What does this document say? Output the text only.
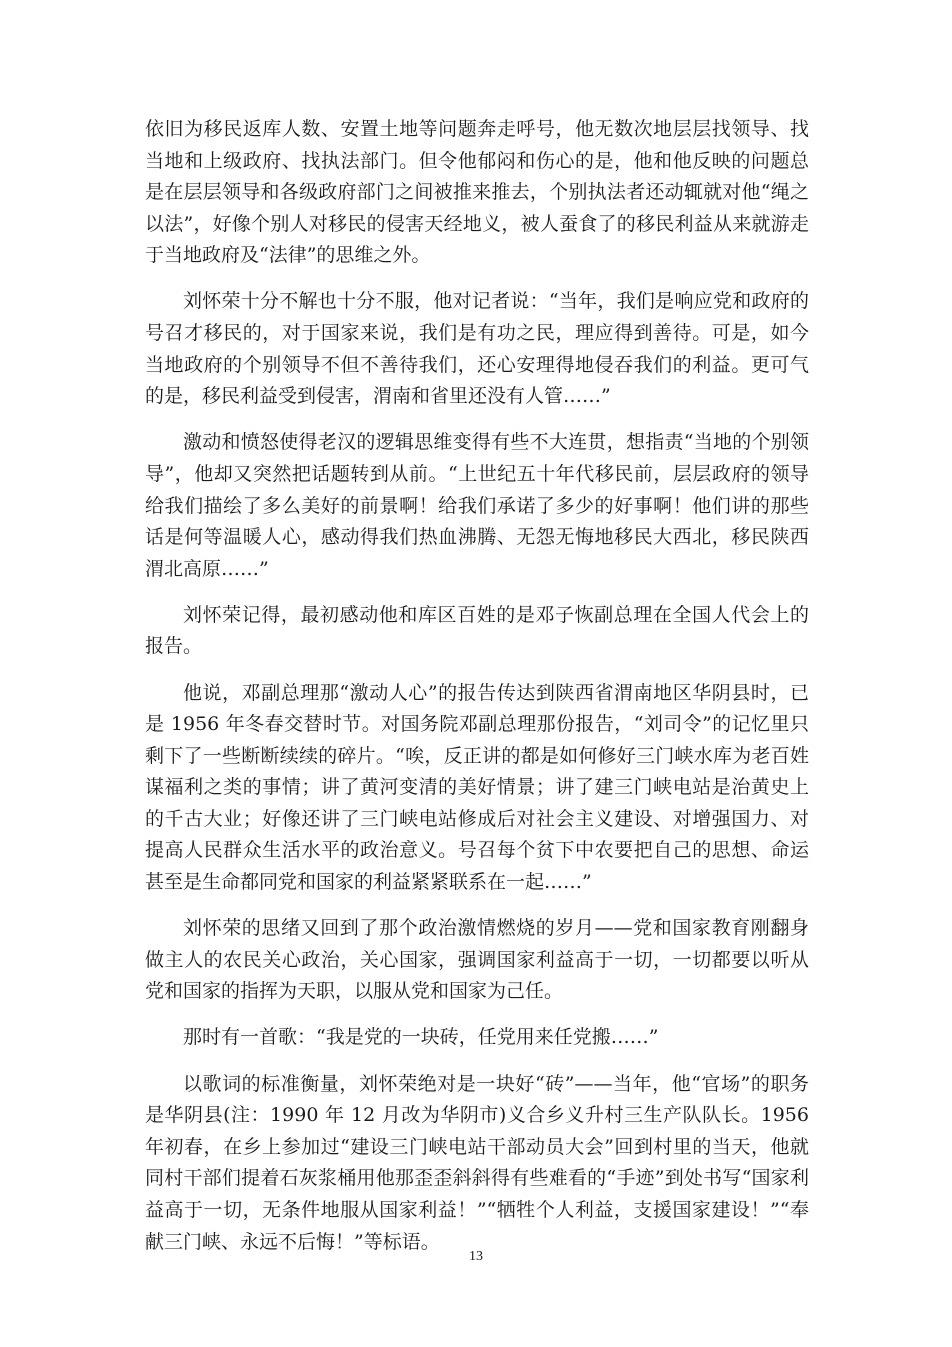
依旧为移民返库人数、安置土地等问题奔走呼号，他无数次地层层找领导、找当地和上级政府、找执法部门。但令他郁闷和伤心的是，他和他反映的问题总是在层层领导和各级政府部门之间被推来推去，个别执法者还动辄就对他“绳之以法”，好像个别人对移民的侵害天经地义，被人蚕食了的移民利益从来就游走于当地政府及“法律”的思维之外。

刘怀荣十分不解也十分不服，他对记者说：“当年，我们是响应党和政府的号召才移民的，对于国家来说，我们是有功之民，理应得到善待。可是，如今当地政府的个别领导不但不善待我们，还心安理得地侵吞我们的利益。更可气的是，移民利益受到侵害，渭南和省里还没有人管……”

激动和愤怒使得老汉的逻辑思维变得有些不大连贯，想指责“当地的个别领导”，他却又突然把话题转到从前。“上世纪五十年代移民前，层层政府的领导给我们描绘了多么美好的前景啊！给我们承诺了多少的好事啊！他们讲的那些话是何等温暖人心，感动得我们热血沸腾、无怨无悔地移民大西北，移民陕西渭北高原……”

刘怀荣记得，最初感动他和库区百姓的是邓子恢副总理在全国人代会上的报告。

他说，邓副总理那“激动人心”的报告传达到陕西省渭南地区华阴县时，已是 1956 年冬春交替时节。对国务院邓副总理那份报告，“刘司令”的记忆里只剩下了一些断断续续的碎片。“唉，反正讲的都是如何修好三门峡水库为老百姓谋福利之类的事情；讲了黄河变清的美好情景；讲了建三门峡电站是治黄史上的千古大业；好像还讲了三门峡电站修成后对社会主义建设、对增强国力、对提高人民群众生活水平的政治意义。号召每个贫下中农要把自己的思想、命运甚至是生命都同党和国家的利益紧紧联系在一起……”

刘怀荣的思绪又回到了那个政治激情燃烧的岁月——党和国家教育刚翻身做主人的农民关心政治，关心国家，强调国家利益高于一切，一切都要以听从党和国家的指挥为天职，以服从党和国家为己任。

那时有一首歌：“我是党的一块砖，任党用来任党搬……”

以歌词的标准衡量，刘怀荣绝对是一块好“砖”——当年，他“官场”的职务是华阴县(注：1990 年 12 月改为华阴市)义合乡义升村三生产队队长。1956 年初春，在乡上参加过“建设三门峡电站干部动员大会”回到村里的当天，他就同村干部们提着石灰浆桶用他那歪歪斜斜得有些难看的“手迹”到处书写“国家利益高于一切，无条件地服从国家利益！”“牺牲个人利益，支援国家建设！”“奉献三门峡、永远不后悔！”等标语。

13
